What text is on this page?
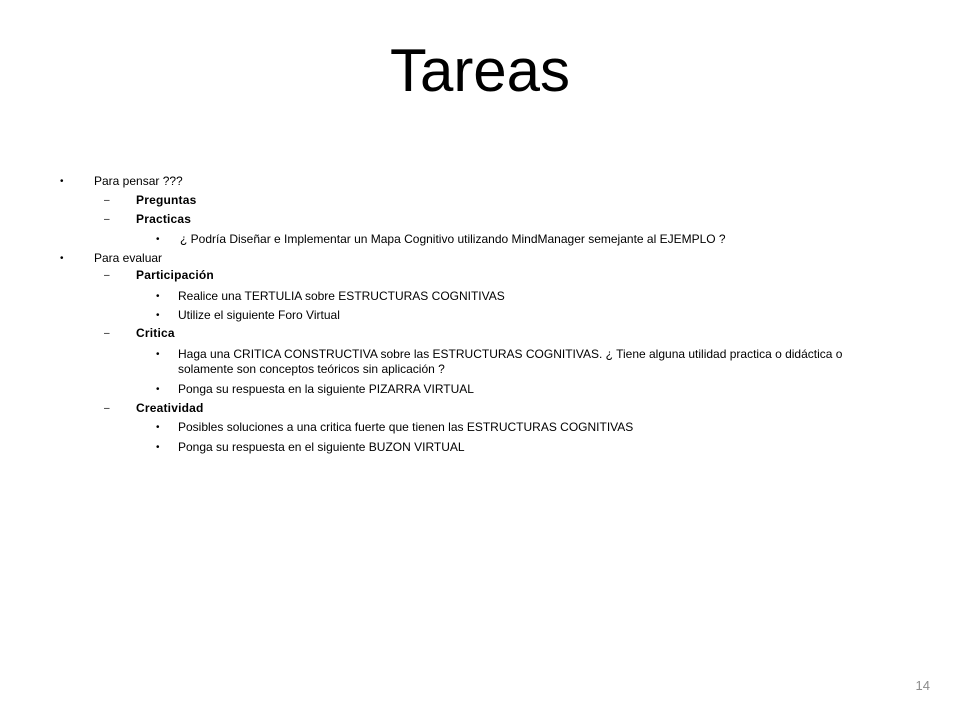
Tareas
•	Para pensar ???
– Preguntas
– Practicas
• ¿ Podría Diseñar e Implementar un Mapa Cognitivo utilizando MindManager semejante al EJEMPLO ?
•	Para evaluar
– Participación
• Realice una TERTULIA sobre ESTRUCTURAS COGNITIVAS
• Utilize el siguiente Foro Virtual
– Critica
• Haga una CRITICA CONSTRUCTIVA sobre las ESTRUCTURAS COGNITIVAS. ¿ Tiene alguna utilidad practica o didáctica o solamente son conceptos teóricos sin aplicación ?
• Ponga su respuesta en la siguiente PIZARRA VIRTUAL
– Creatividad
• Posibles soluciones a una critica fuerte que tienen las ESTRUCTURAS COGNITIVAS
• Ponga su respuesta en el siguiente BUZON VIRTUAL
14
